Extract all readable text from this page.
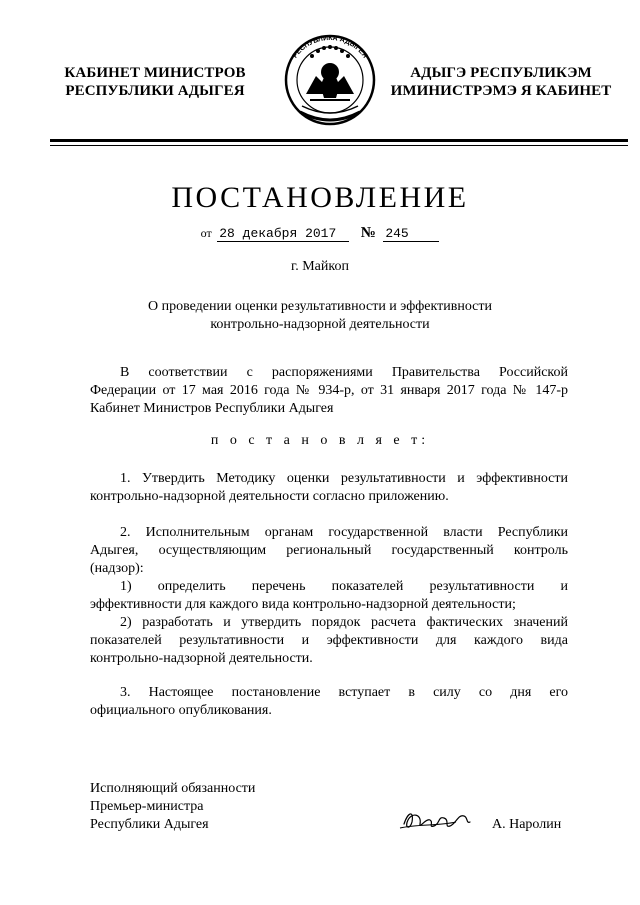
КАБИНЕТ МИНИСТРОВ
РЕСПУБЛИКИ АДЫГЕЯ
РЕСПУБЛИКА АДЫГЕЯ
АДЫГЭ РЕСПУБЛИКЭМ
ИМИНИСТРЭМЭ Я КАБИНЕТ
ПОСТАНОВЛЕНИЕ
от 28 декабря 2017 № 245
г. Майкоп
О проведении оценки результативности и эффективности
контрольно-надзорной деятельности
В соответствии с распоряжениями Правительства Российской
Федерации от 17 мая 2016 года № 934-р, от 31 января 2017 года № 147-р
Кабинет Министров Республики Адыгея
п о с т а н о в л я е т:
1. Утвердить Методику оценки результативности и эффективности
контрольно-надзорной деятельности согласно приложению.
2. Исполнительным органам государственной власти Республики
Адыгея, осуществляющим региональный государственный контроль
(надзор):
1) определить перечень показателей результативности и
эффективности для каждого вида контрольно-надзорной деятельности;
2) разработать и утвердить порядок расчета фактических значений
показателей результативности и эффективности для каждого вида
контрольно-надзорной деятельности.
3. Настоящее постановление вступает в силу со дня его
официального опубликования.
Исполняющий обязанности
Премьер-министра
Республики Адыгея	А. Наролин
